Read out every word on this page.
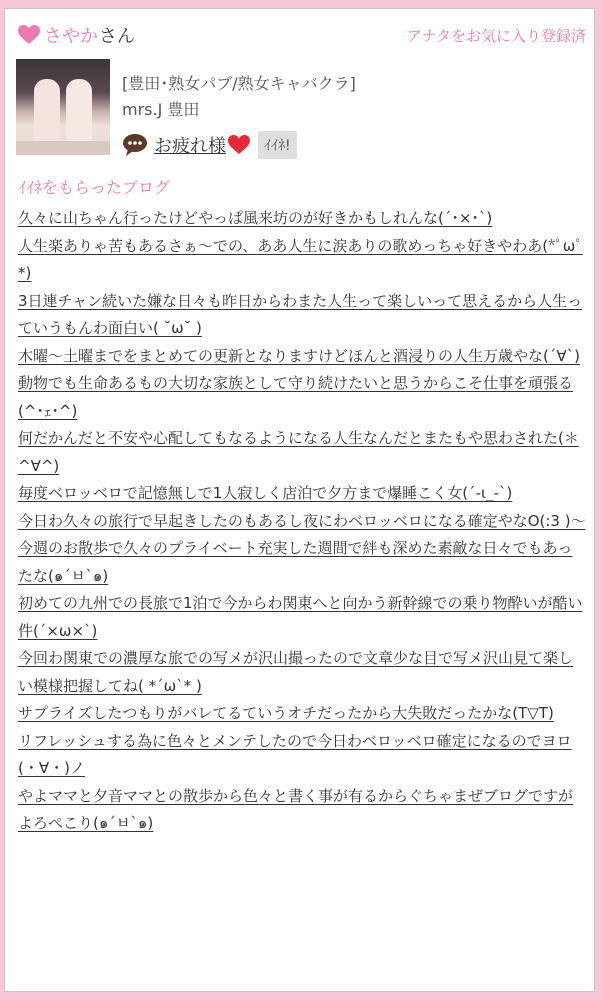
さやか さん	アナタをお気に入り登録済
[豊田･熟女パブ/熟女キャバクラ]
mrs.J 豊田
お疲れ様	ｲｲﾈ!
ｲｲﾈをもらったブログ
久々に山ちゃん行ったけどやっぱ風来坊のが好きかもしれんな(´･×･`)
人生楽ありゃ苦もあるさぁ〜での、ああ人生に涙ありの歌めっちゃ好きやわあ(*ﾟωﾟ*)
3日連チャン続いた嫌な日々も昨日からわまた人生って楽しいって思えるから人生っていうもんわ面白い( ˘ω˘ )
木曜〜土曜までをまとめての更新となりますけどほんと酒浸りの人生万歳やな(´∀`)
動物でも生命あるもの大切な家族として守り続けたいと思うからこそ仕事を頑張る(^･ｪ･^)
何だかんだと不安や心配してもなるようになる人生なんだとまたもや思わされた(＊^∀^)
毎度ベロッベロで記憶無しで1人寂しく店泊で夕方まで爆睡こく女(´-ι_-`)
今日わ久々の旅行で早起きしたのもあるし夜にわベロッベロになる確定やなO(:3 )～
今週のお散歩で久々のプライベート充実した週間で絆も深めた素敵な日々でもあったな(๑´ㅂ`๑)
初めての九州での長旅で1泊で今からわ関東へと向かう新幹線での乗り物酔いが酷い件(´×ω×`)
今回わ関東での濃厚な旅での写メが沢山撮ったので文章少な目で写メ沢山見て楽しい模様把握してね( *´ω`* )
サプライズしたつもりがバレてるていうオチだったから大失敗だったかな(T▽T)
リフレッシュする為に色々とメンテしたので今日わベロッベロ確定になるのでヨロ(・∀・)ノ
やよママと夕音ママとの散歩から色々と書く事が有るからぐちゃまぜブログですがよろぺこり(๑´ㅂ`๑)
